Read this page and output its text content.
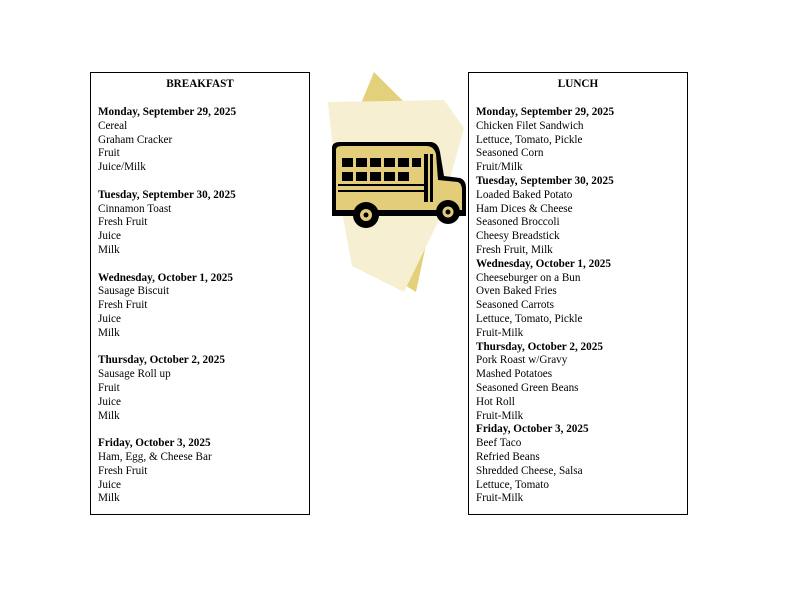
BREAKFAST
Monday, September 29, 2025
Cereal
Graham Cracker
Fruit
Juice/Milk
Tuesday, September 30, 2025
Cinnamon Toast
Fresh Fruit
Juice
Milk
Wednesday, October 1, 2025
Sausage Biscuit
Fresh Fruit
Juice
Milk
Thursday, October 2, 2025
Sausage Roll up
Fruit
Juice
Milk
Friday, October 3, 2025
Ham, Egg, & Cheese Bar
Fresh Fruit
Juice
Milk
LUNCH
Monday, September 29, 2025
Chicken Filet Sandwich
Lettuce, Tomato, Pickle
Seasoned Corn
Fruit/Milk
Tuesday, September 30, 2025
Loaded Baked Potato
Ham Dices & Cheese
Seasoned Broccoli
Cheesy Breadstick
Fresh Fruit, Milk
Wednesday, October 1, 2025
Cheeseburger on a Bun
Oven Baked Fries
Seasoned Carrots
Lettuce, Tomato, Pickle
Fruit-Milk
Thursday, October 2, 2025
Pork Roast w/Gravy
Mashed Potatoes
Seasoned Green Beans
Hot Roll
Fruit-Milk
Friday, October 3, 2025
Beef Taco
Refried Beans
Shredded Cheese, Salsa
Lettuce, Tomato
Fruit-Milk
